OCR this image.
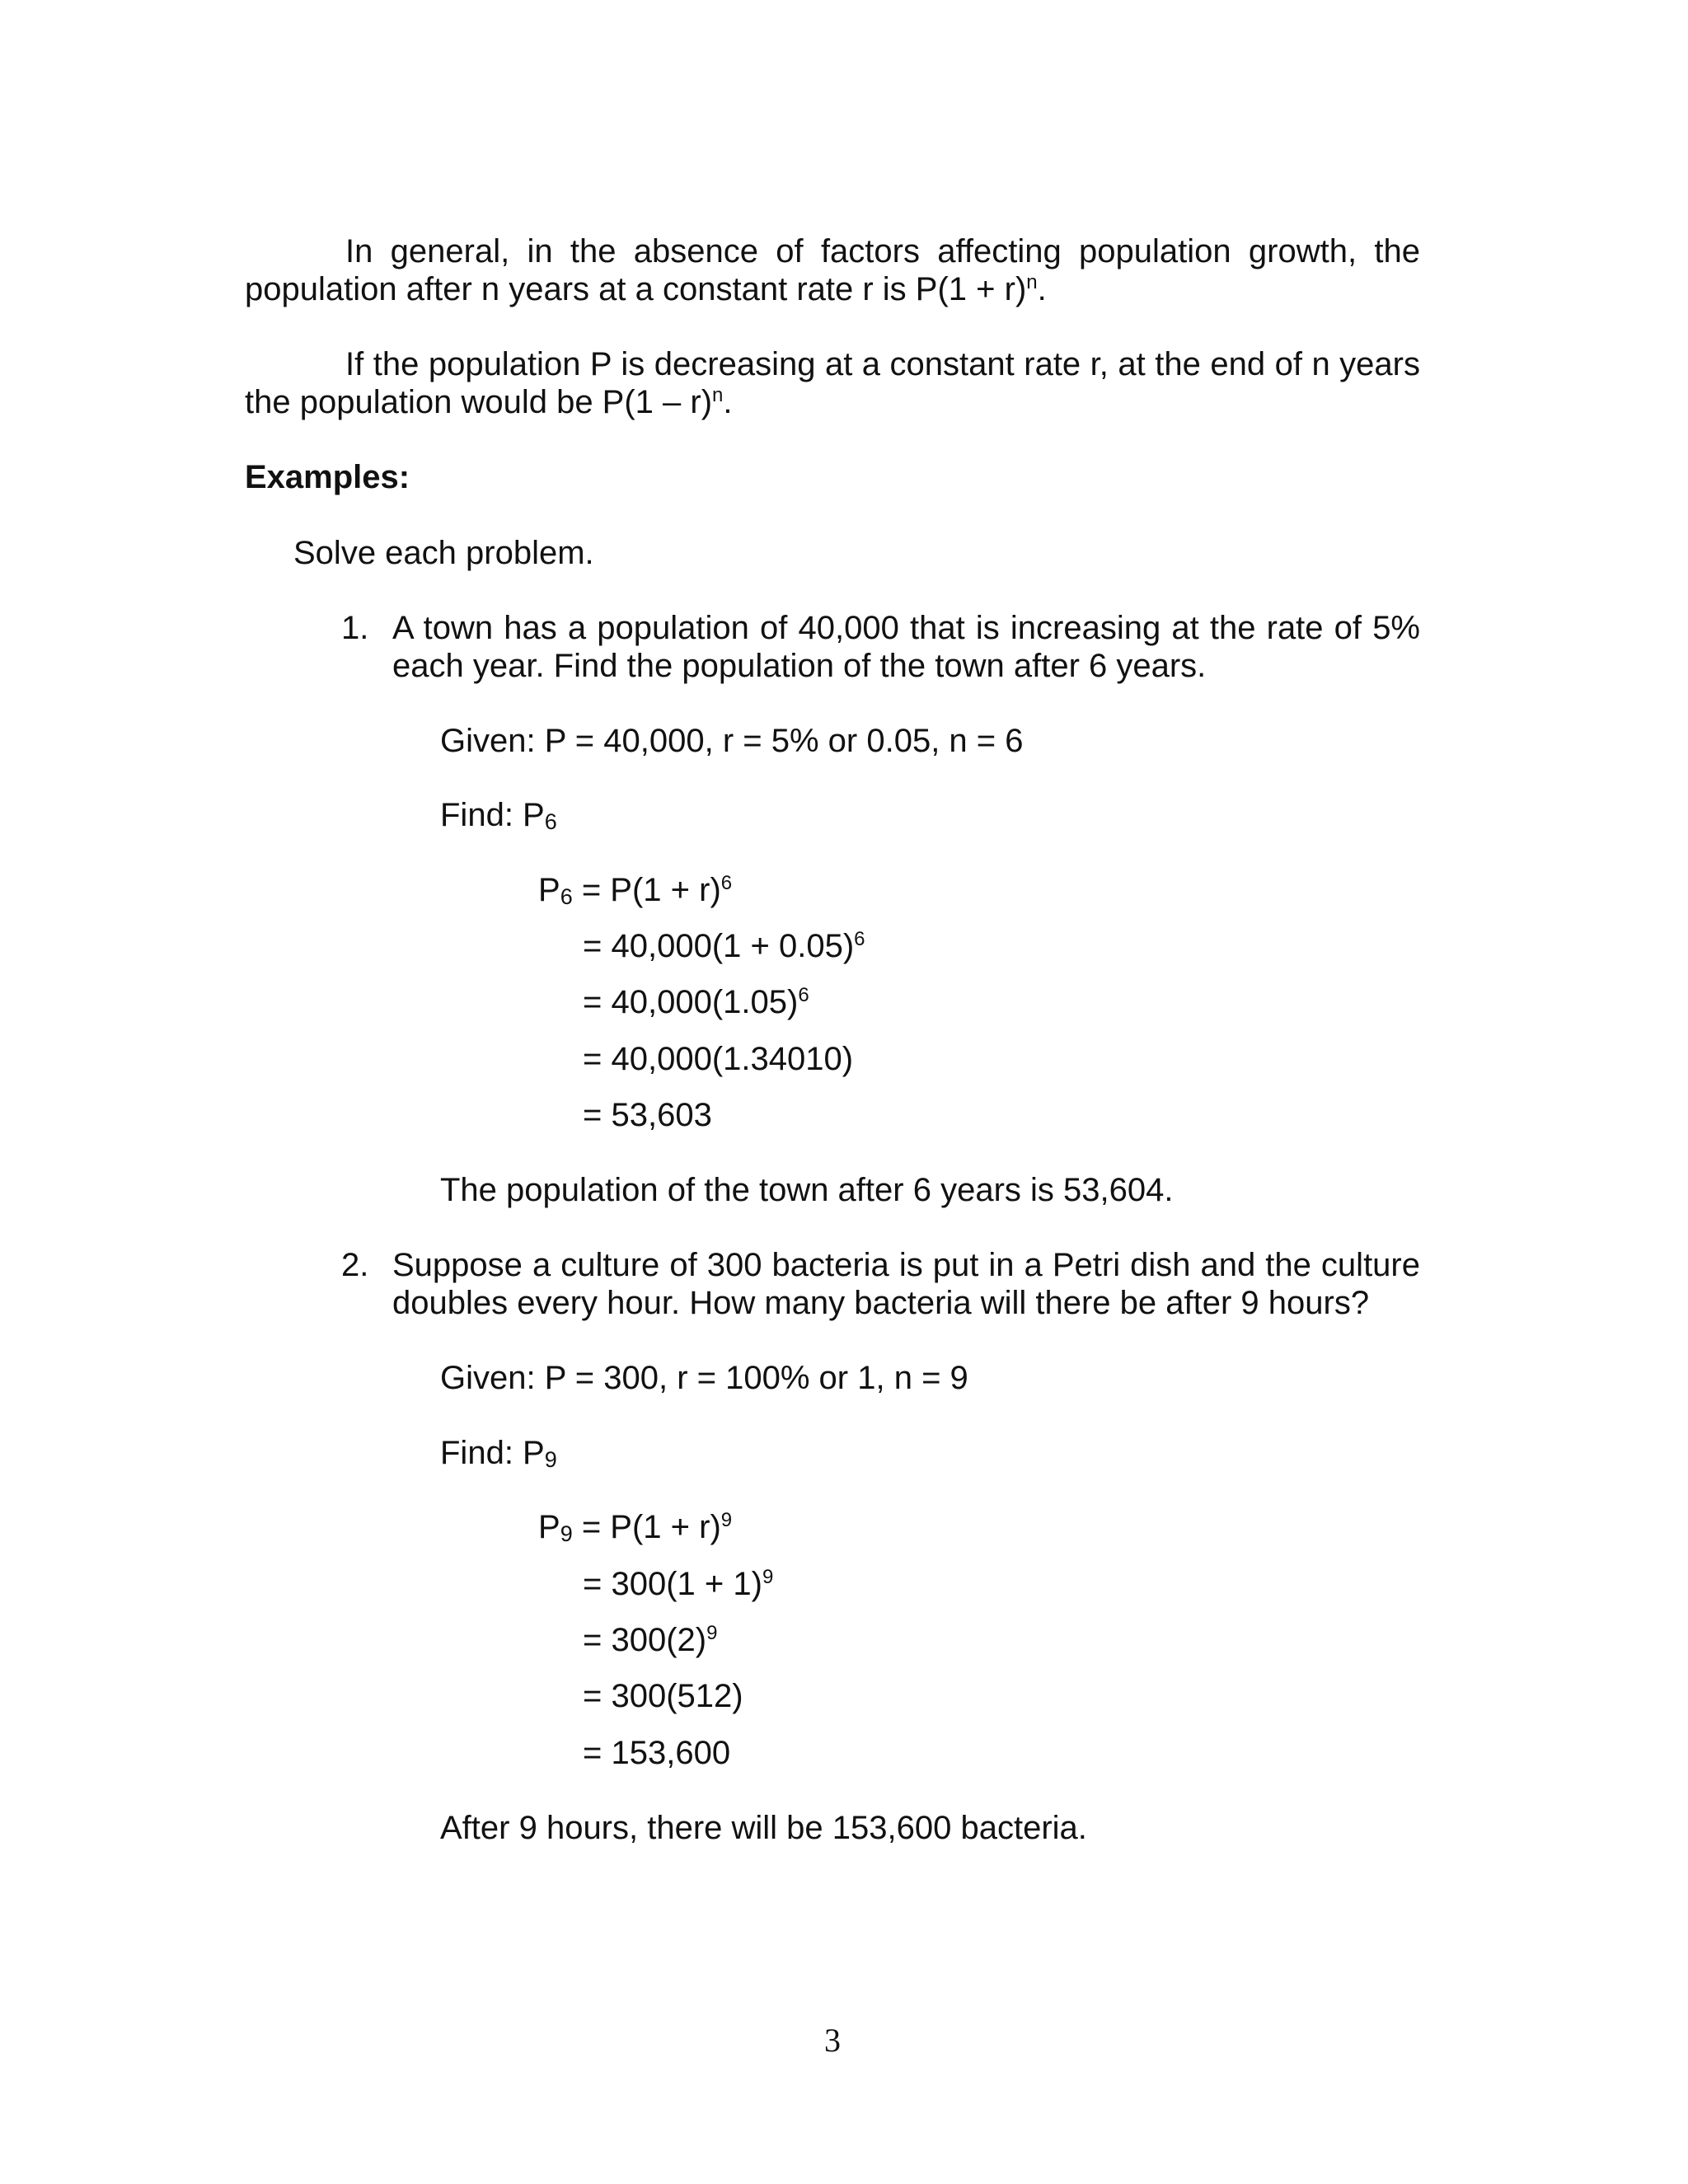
In general, in the absence of factors affecting population growth, the
population after n years at a constant rate r is $P(1 + r)^n$.
If the population P is decreasing at a constant rate r, at the end of n years
the population would be P(1 – r)$^n$.
Examples:
Solve each problem.
1. A town has a population of 40,000 that is increasing at the rate of 5%
each year. Find the population of the town after 6 years.
Given: P = 40,000, r = 5% or 0.05, n = 6
Find: $P_6$
$P_6 = P(1 + r)^6$
= $40,000(1 + 0.05)^6$
= $40,000(1.05)^6$
= 40,000(1.34010)
= 53,603
The population of the town after 6 years is 53,604.
2. Suppose a culture of 300 bacteria is put in a Petri dish and the culture
doubles every hour. How many bacteria will there be after 9 hours?
Given: P = 300, r = 100% or 1, n = 9
Find: $P_9$
$P_9 = P(1 + r)^9$
= $300(1 + 1)^9$
= $300(2)^9$
= 300(512)
= 153,600
After 9 hours, there will be 153,600 bacteria.
3
